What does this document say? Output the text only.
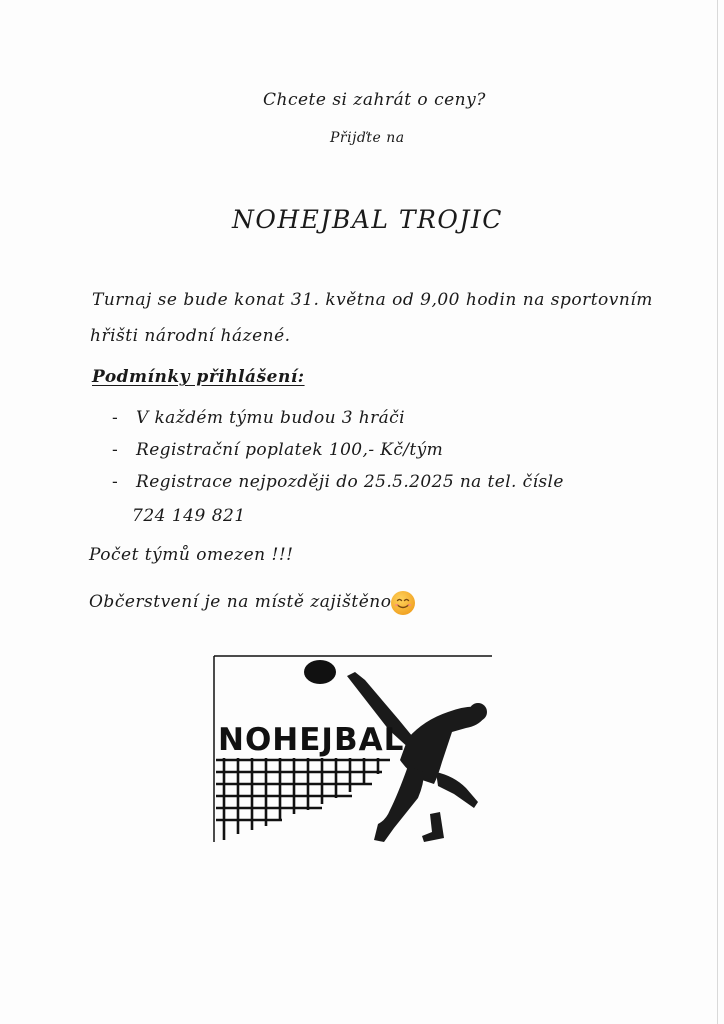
Chcete si zahrát o ceny?
Přijďte na
NOHEJBAL TROJIC
Turnaj se bude konat 31. května od 9,00 hodin na sportovním
hřišti národní házené.
Podmínky přihlášení:
- V každém týmu budou 3 hráči
- Registrační poplatek 100,- Kč/tým
- Registrace nejpozději do 25.5.2025 na tel. čísle
724 149 821
Počet týmů omezen !!!
Občerstvení je na místě zajištěno
NOHEJBAL
